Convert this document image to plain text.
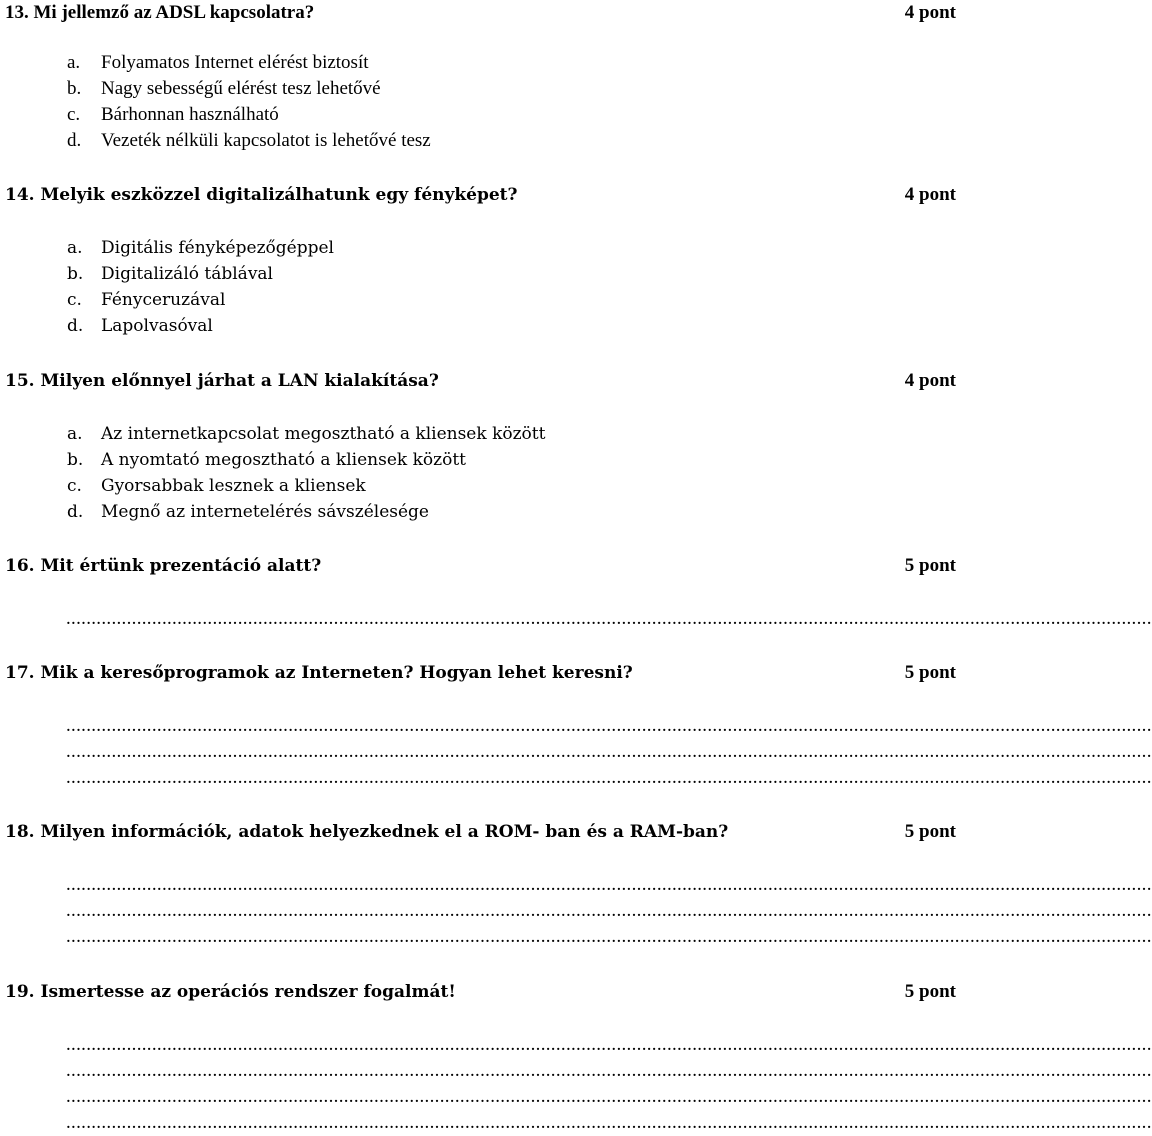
13. Mi jellemző az ADSL kapcsolatra?	4 pont
a. Folyamatos Internet elérést biztosít
b. Nagy sebességű elérést tesz lehetővé
c. Bárhonnan használható
d. Vezeték nélküli kapcsolatot is lehetővé tesz
14. Melyik eszközzel digitalizálhatunk egy fényképet?	4 pont
a. Digitális fényképezőgéppel
b. Digitalizáló táblával
c. Fényceruzával
d. Lapolvasóval
15. Milyen előnnyel járhat a LAN kialakítása?	4 pont
a. Az internetkapcsolat megosztható a kliensek között
b. A nyomtató megosztható a kliensek között
c. Gyorsabbak lesznek a kliensek
d. Megnő az internetelérés sávszélesége
16. Mit értünk prezentáció alatt?	5 pont
.......................................................................................................................................................................................................................
17. Mik a keresőprogramok az Interneten? Hogyan lehet keresni?	5 pont
.......................................................................................................................................................................................................................
.......................................................................................................................................................................................................................
.......................................................................................................................................................................................................................
18. Milyen információk, adatok helyezkednek el a ROM- ban és a RAM-ban?	5 pont
.......................................................................................................................................................................................................................
.......................................................................................................................................................................................................................
.......................................................................................................................................................................................................................
19. Ismertesse az operációs rendszer fogalmát!	5 pont
.......................................................................................................................................................................................................................
.......................................................................................................................................................................................................................
.......................................................................................................................................................................................................................
.......................................................................................................................................................................................................................
